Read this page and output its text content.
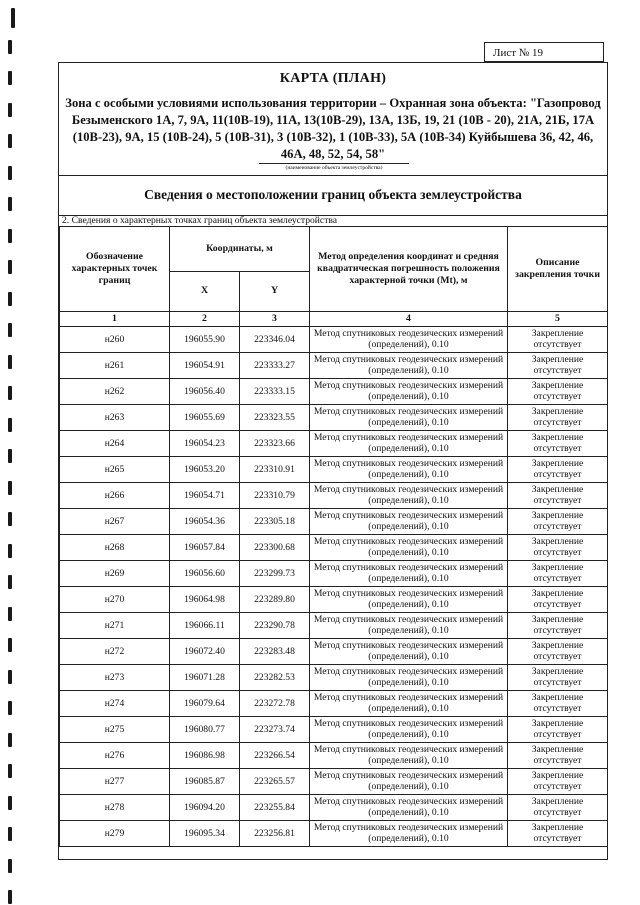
Лист № 19
КАРТА (ПЛАН)
Зона с особыми условиями использования территории – Охранная зона объекта: "Газопровод Безыменского 1А, 7, 9А, 11(10В-19), 11А, 13(10В-29), 13А, 13Б, 19, 21 (10В - 20), 21А, 21Б, 17А (10В-23), 9А, 15 (10В-24), 5 (10В-31), 3 (10В-32), 1 (10В-33), 5А (10В-34) Куйбышева 36, 42, 46, 46А, 48, 52, 54, 58"
(наименование объекта землеустройства)
Сведения о местоположении границ объекта землеустройства
2. Сведения о характерных точках границ объекта землеустройства
Обозначение характерных точек границ	Координаты, м		Метод определения координат и средняя квадратическая погрешность положения характерной точки (Mt), м	Описание закрепления точки
	X	Y		
1	2	3	4	5
н260	196055.90	223346.04	Метод спутниковых геодезических измерений (определений), 0.10	Закрепление отсутствует
н261	196054.91	223333.27	Метод спутниковых геодезических измерений (определений), 0.10	Закрепление отсутствует
н262	196056.40	223333.15	Метод спутниковых геодезических измерений (определений), 0.10	Закрепление отсутствует
н263	196055.69	223323.55	Метод спутниковых геодезических измерений (определений), 0.10	Закрепление отсутствует
н264	196054.23	223323.66	Метод спутниковых геодезических измерений (определений), 0.10	Закрепление отсутствует
н265	196053.20	223310.91	Метод спутниковых геодезических измерений (определений), 0.10	Закрепление отсутствует
н266	196054.71	223310.79	Метод спутниковых геодезических измерений (определений), 0.10	Закрепление отсутствует
н267	196054.36	223305.18	Метод спутниковых геодезических измерений (определений), 0.10	Закрепление отсутствует
н268	196057.84	223300.68	Метод спутниковых геодезических измерений (определений), 0.10	Закрепление отсутствует
н269	196056.60	223299.73	Метод спутниковых геодезических измерений (определений), 0.10	Закрепление отсутствует
н270	196064.98	223289.80	Метод спутниковых геодезических измерений (определений), 0.10	Закрепление отсутствует
н271	196066.11	223290.78	Метод спутниковых геодезических измерений (определений), 0.10	Закрепление отсутствует
н272	196072.40	223283.48	Метод спутниковых геодезических измерений (определений), 0.10	Закрепление отсутствует
н273	196071.28	223282.53	Метод спутниковых геодезических измерений (определений), 0.10	Закрепление отсутствует
н274	196079.64	223272.78	Метод спутниковых геодезических измерений (определений), 0.10	Закрепление отсутствует
н275	196080.77	223273.74	Метод спутниковых геодезических измерений (определений), 0.10	Закрепление отсутствует
н276	196086.98	223266.54	Метод спутниковых геодезических измерений (определений), 0.10	Закрепление отсутствует
н277	196085.87	223265.57	Метод спутниковых геодезических измерений (определений), 0.10	Закрепление отсутствует
н278	196094.20	223255.84	Метод спутниковых геодезических измерений (определений), 0.10	Закрепление отсутствует
н279	196095.34	223256.81	Метод спутниковых геодезических измерений (определений), 0.10	Закрепление отсутствует
